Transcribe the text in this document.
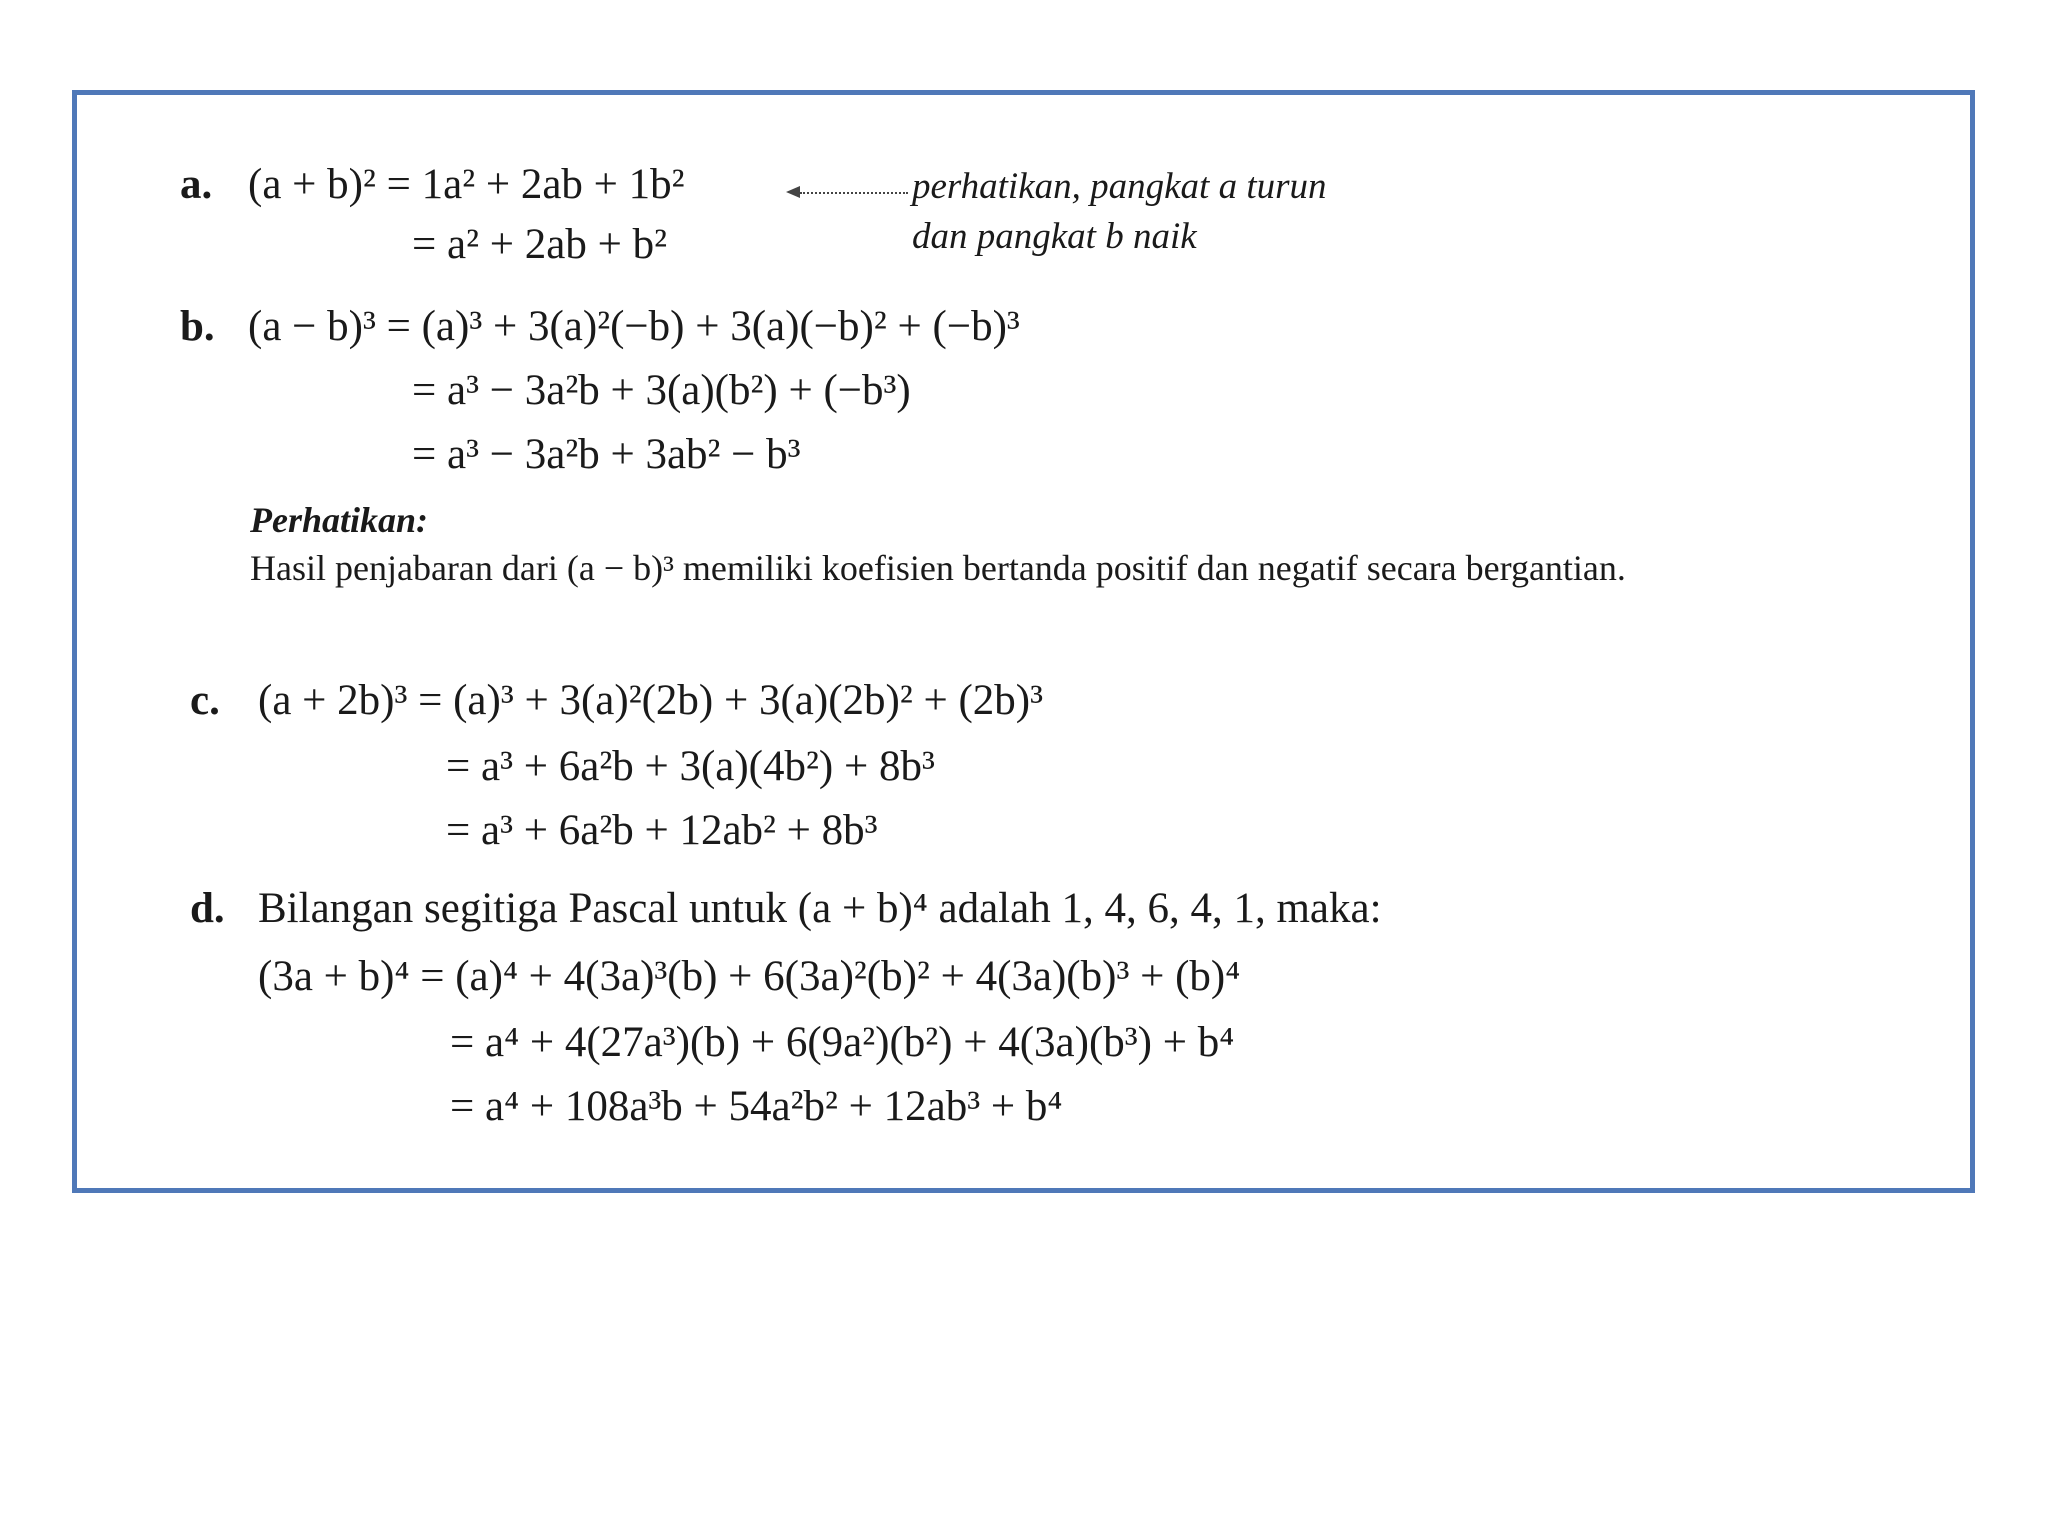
a. (a + b)² = 1a² + 2ab + 1b²
= a² + 2ab + b²
perhatikan, pangkat a turun
dan pangkat b naik
b. (a − b)³ = (a)³ + 3(a)²(−b) + 3(a)(−b)² + (−b)³
= a³ − 3a²b + 3(a)(b²) + (−b³)
= a³ − 3a²b + 3ab² − b³
Perhatikan:
Hasil penjabaran dari (a − b)³ memiliki koefisien bertanda positif dan negatif secara bergantian.
c. (a + 2b)³ = (a)³ + 3(a)²(2b) + 3(a)(2b)² + (2b)³
= a³ + 6a²b + 3(a)(4b²) + 8b³
= a³ + 6a²b + 12ab² + 8b³
d. Bilangan segitiga Pascal untuk (a + b)⁴ adalah 1, 4, 6, 4, 1, maka:
(3a + b)⁴ = (a)⁴ + 4(3a)³(b) + 6(3a)²(b)² + 4(3a)(b)³ + (b)⁴
= a⁴ + 4(27a³)(b) + 6(9a²)(b²) + 4(3a)(b³) + b⁴
= a⁴ + 108a³b + 54a²b² + 12ab³ + b⁴
